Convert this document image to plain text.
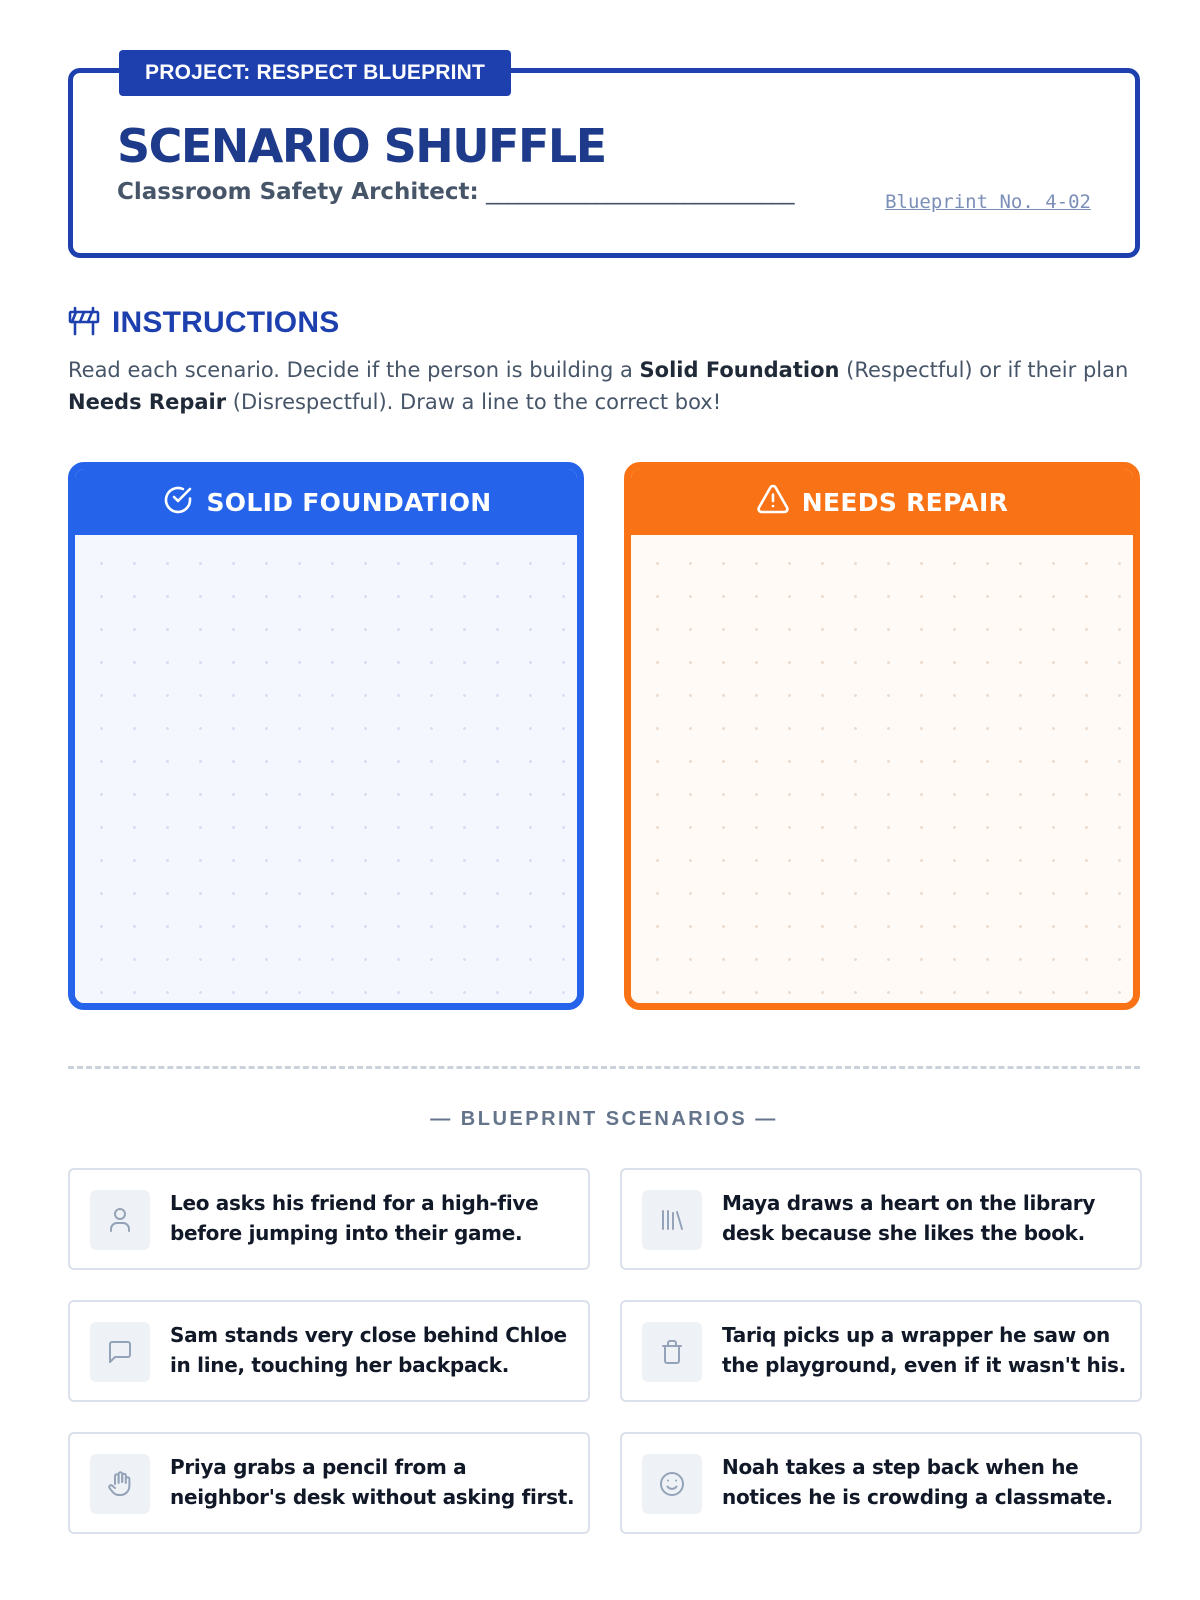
PROJECT: RESPECT BLUEPRINT
SCENARIO SHUFFLE
Classroom Safety Architect: ____________________________	Blueprint No. 4-02
INSTRUCTIONS

Read each scenario. Decide if the person is building a Solid Foundation (Respectful) or if their plan Needs Repair (Disrespectful). Draw a line to the correct box!

SOLID FOUNDATION	NEEDS REPAIR
— BLUEPRINT SCENARIOS —
Leo asks his friend for a high-five before jumping into their game.
Maya draws a heart on the library desk because she likes the book.
Sam stands very close behind Chloe in line, touching her backpack.
Tariq picks up a wrapper he saw on the playground, even if it wasn't his.
Priya grabs a pencil from a neighbor's desk without asking first.
Noah takes a step back when he notices he is crowding a classmate.
